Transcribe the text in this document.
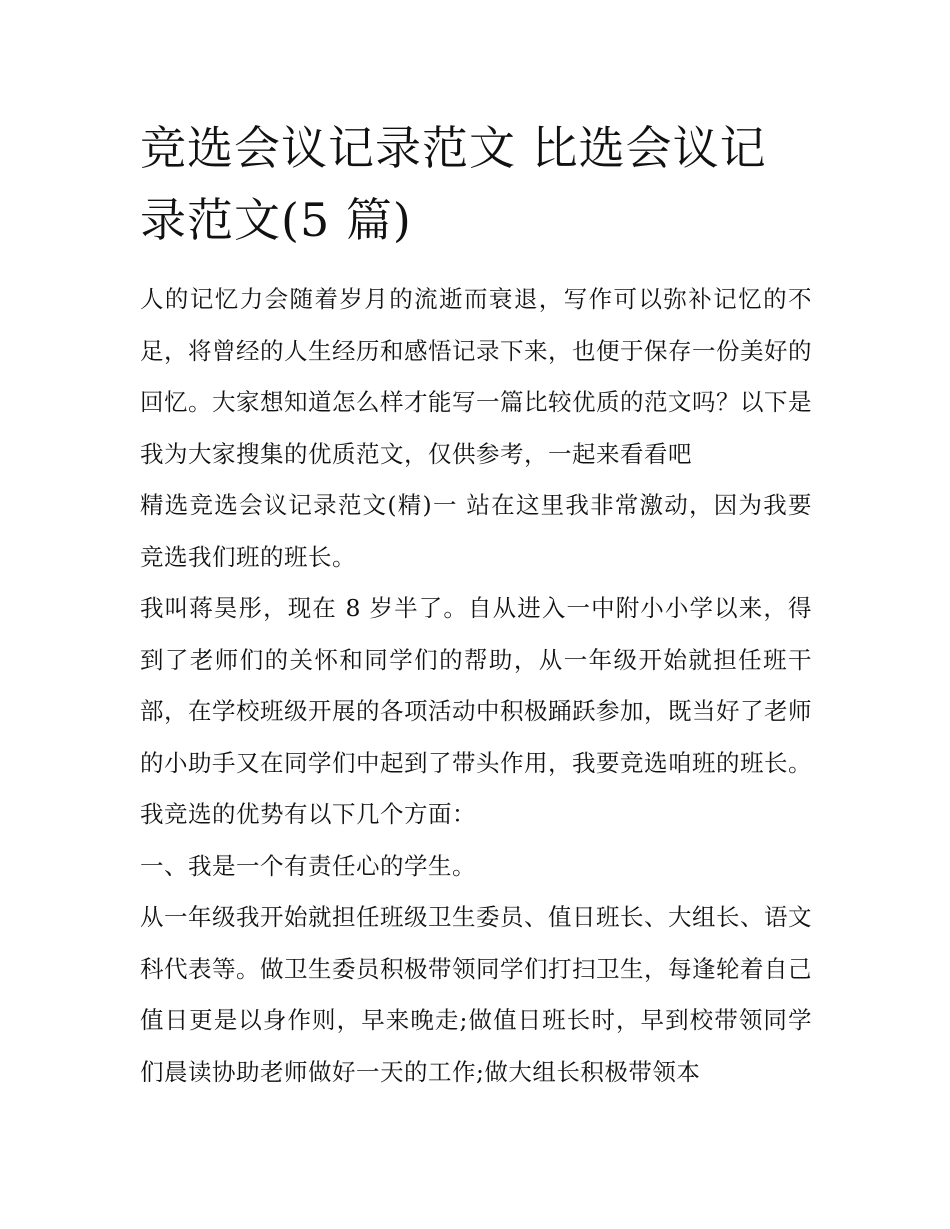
竞选会议记录范文 比选会议记录范文(5 篇)

人的记忆力会随着岁月的流逝而衰退，写作可以弥补记忆的不足，将曾经的人生经历和感悟记录下来，也便于保存一份美好的回忆。大家想知道怎么样才能写一篇比较优质的范文吗？以下是我为大家搜集的优质范文，仅供参考，一起来看看吧

精选竞选会议记录范文(精)一 站在这里我非常激动，因为我要竞选我们班的班长。

我叫蒋昊彤，现在 8 岁半了。自从进入一中附小小学以来，得到了老师们的关怀和同学们的帮助，从一年级开始就担任班干部，在学校班级开展的各项活动中积极踊跃参加，既当好了老师的小助手又在同学们中起到了带头作用，我要竞选咱班的班长。我竞选的优势有以下几个方面：

一、我是一个有责任心的学生。

从一年级我开始就担任班级卫生委员、值日班长、大组长、语文科代表等。做卫生委员积极带领同学们打扫卫生，每逢轮着自己值日更是以身作则，早来晚走;做值日班长时，早到校带领同学们晨读协助老师做好一天的工作;做大组长积极带领本
